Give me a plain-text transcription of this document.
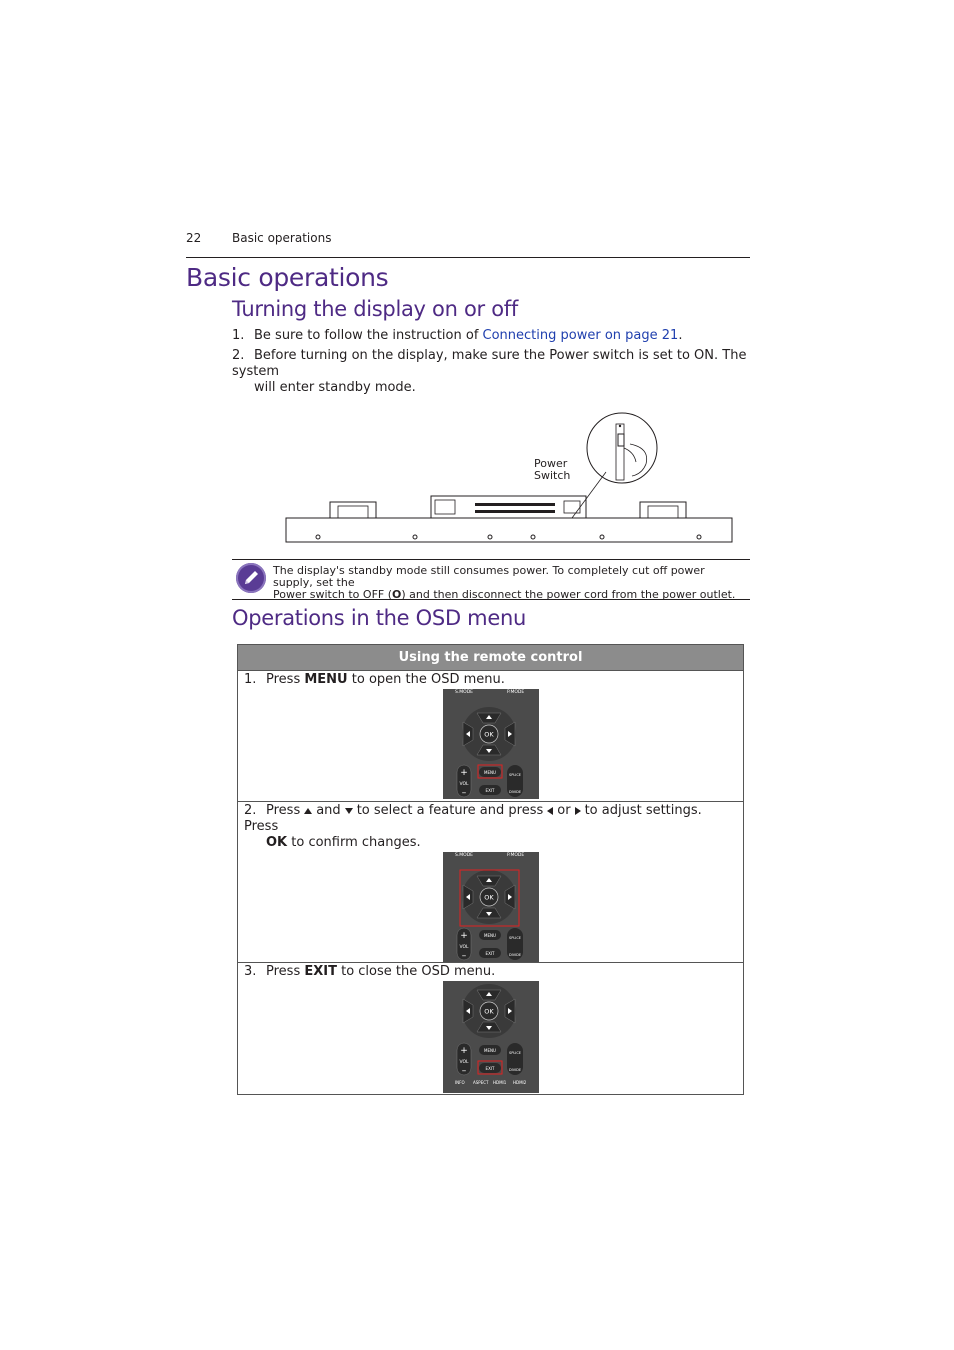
22	Basic operations
Basic operations
Turning the display on or off
1. Be sure to follow the instruction of Connecting power on page 21.
2. Before turning on the display, make sure the Power switch is set to ON. The system
will enter standby mode.
Power
Switch
The display's standby mode still consumes power. To completely cut off power supply, set the
Power switch to OFF (O) and then disconnect the power cord from the power outlet.
Operations in the OSD menu
Using the remote control

1. Press MENU to open the OSD menu.
S.MODE	P.MODE
OK
+
VOL
–
MENU
EXIT
SPLICE
DIVIDE

2. Press and to select a feature and press or to adjust settings. Press
OK to confirm changes.
S.MODE	P.MODE
OK
+
VOL
–
MENU
EXIT
SPLICE
DIVIDE

3. Press EXIT to close the OSD menu.
OK
+
VOL
–
MENU
EXIT
SPLICE
DIVIDE
INFO ASPECT HDMI1 HDMI2
